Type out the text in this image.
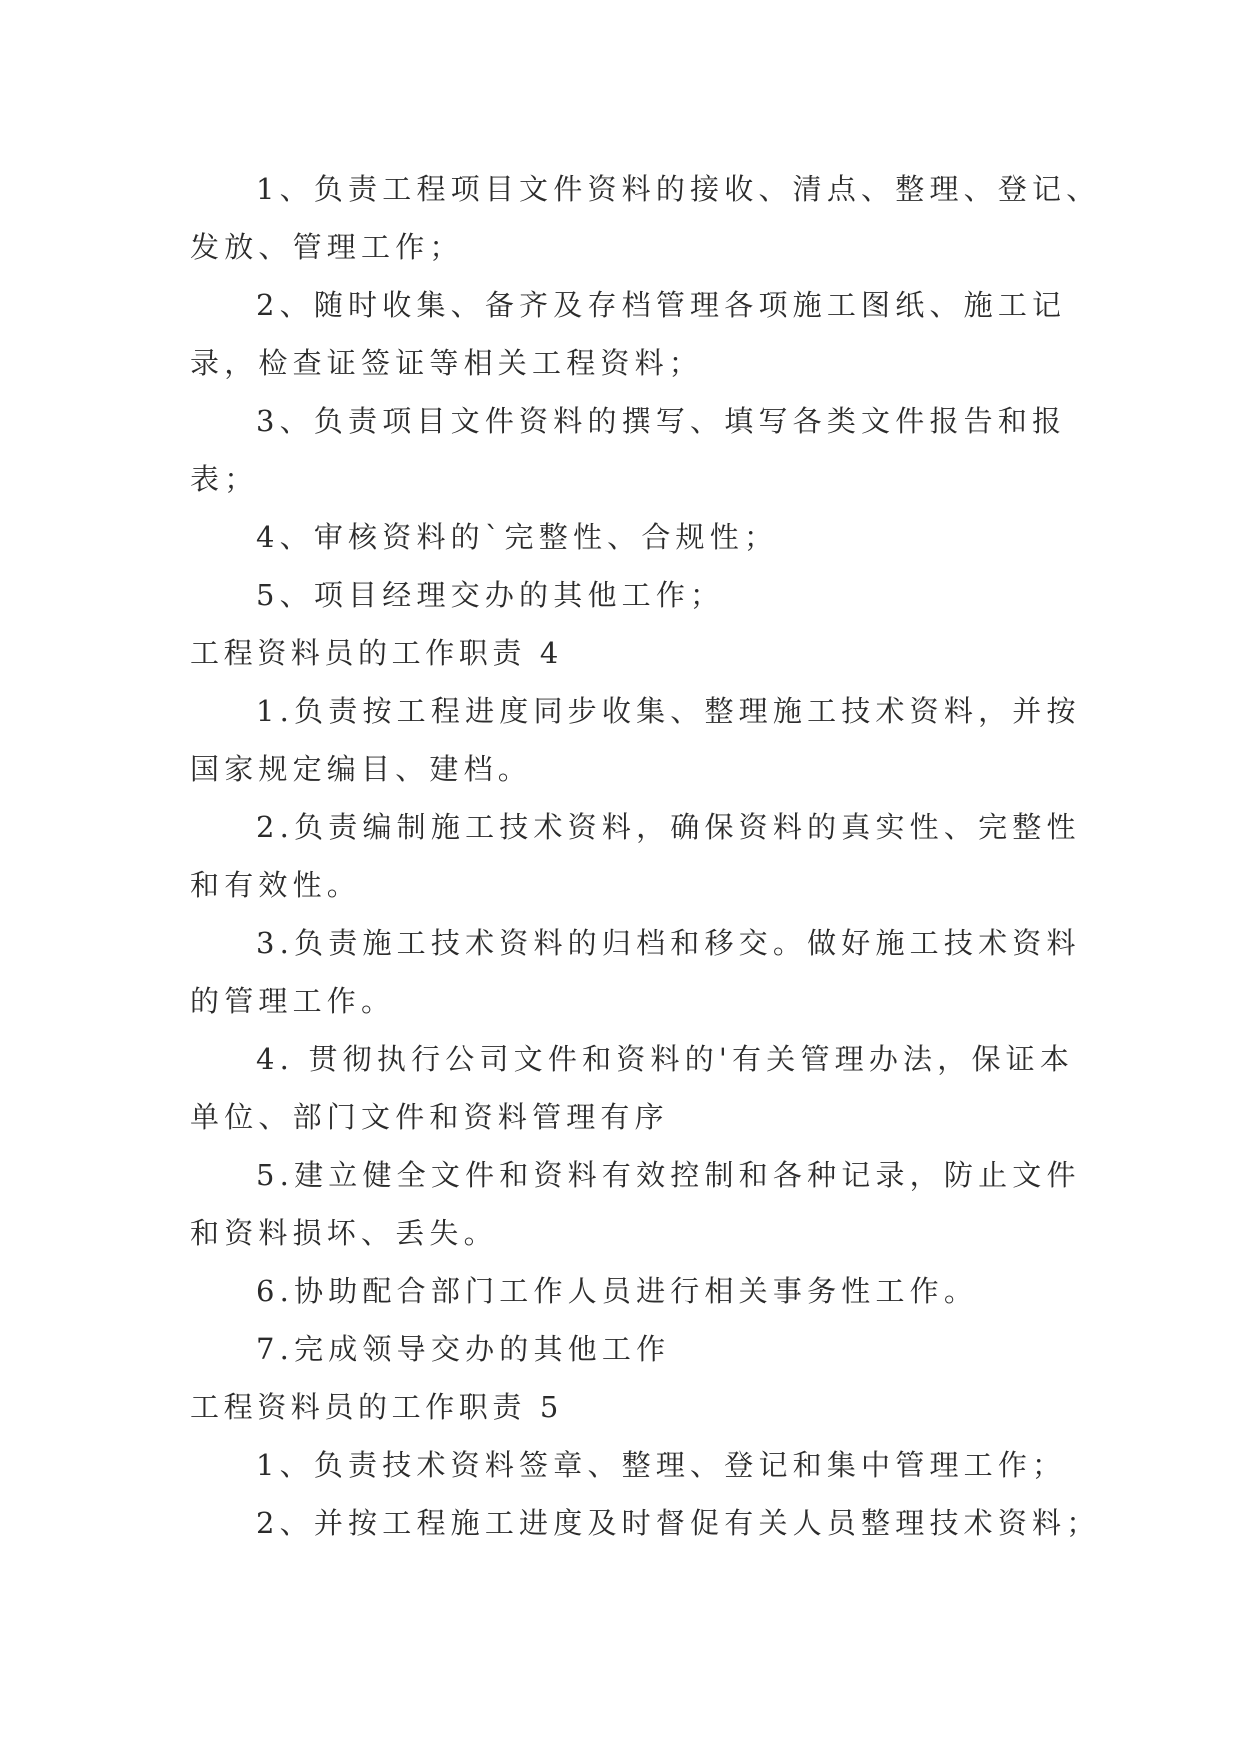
1、负责工程项目文件资料的接收、清点、整理、登记、
发放、管理工作；
2、随时收集、备齐及存档管理各项施工图纸、施工记
录，检查证签证等相关工程资料；
3、负责项目文件资料的撰写、填写各类文件报告和报
表；
4、审核资料的`完整性、合规性；
5、项目经理交办的其他工作；
工程资料员的工作职责 4
1.负责按工程进度同步收集、整理施工技术资料，并按
国家规定编目、建档。
2.负责编制施工技术资料，确保资料的真实性、完整性
和有效性。
3.负责施工技术资料的归档和移交。做好施工技术资料
的管理工作。
4. 贯彻执行公司文件和资料的'有关管理办法，保证本
单位、部门文件和资料管理有序
5.建立健全文件和资料有效控制和各种记录，防止文件
和资料损坏、丢失。
6.协助配合部门工作人员进行相关事务性工作。
7.完成领导交办的其他工作
工程资料员的工作职责 5
1、负责技术资料签章、整理、登记和集中管理工作；
2、并按工程施工进度及时督促有关人员整理技术资料；
